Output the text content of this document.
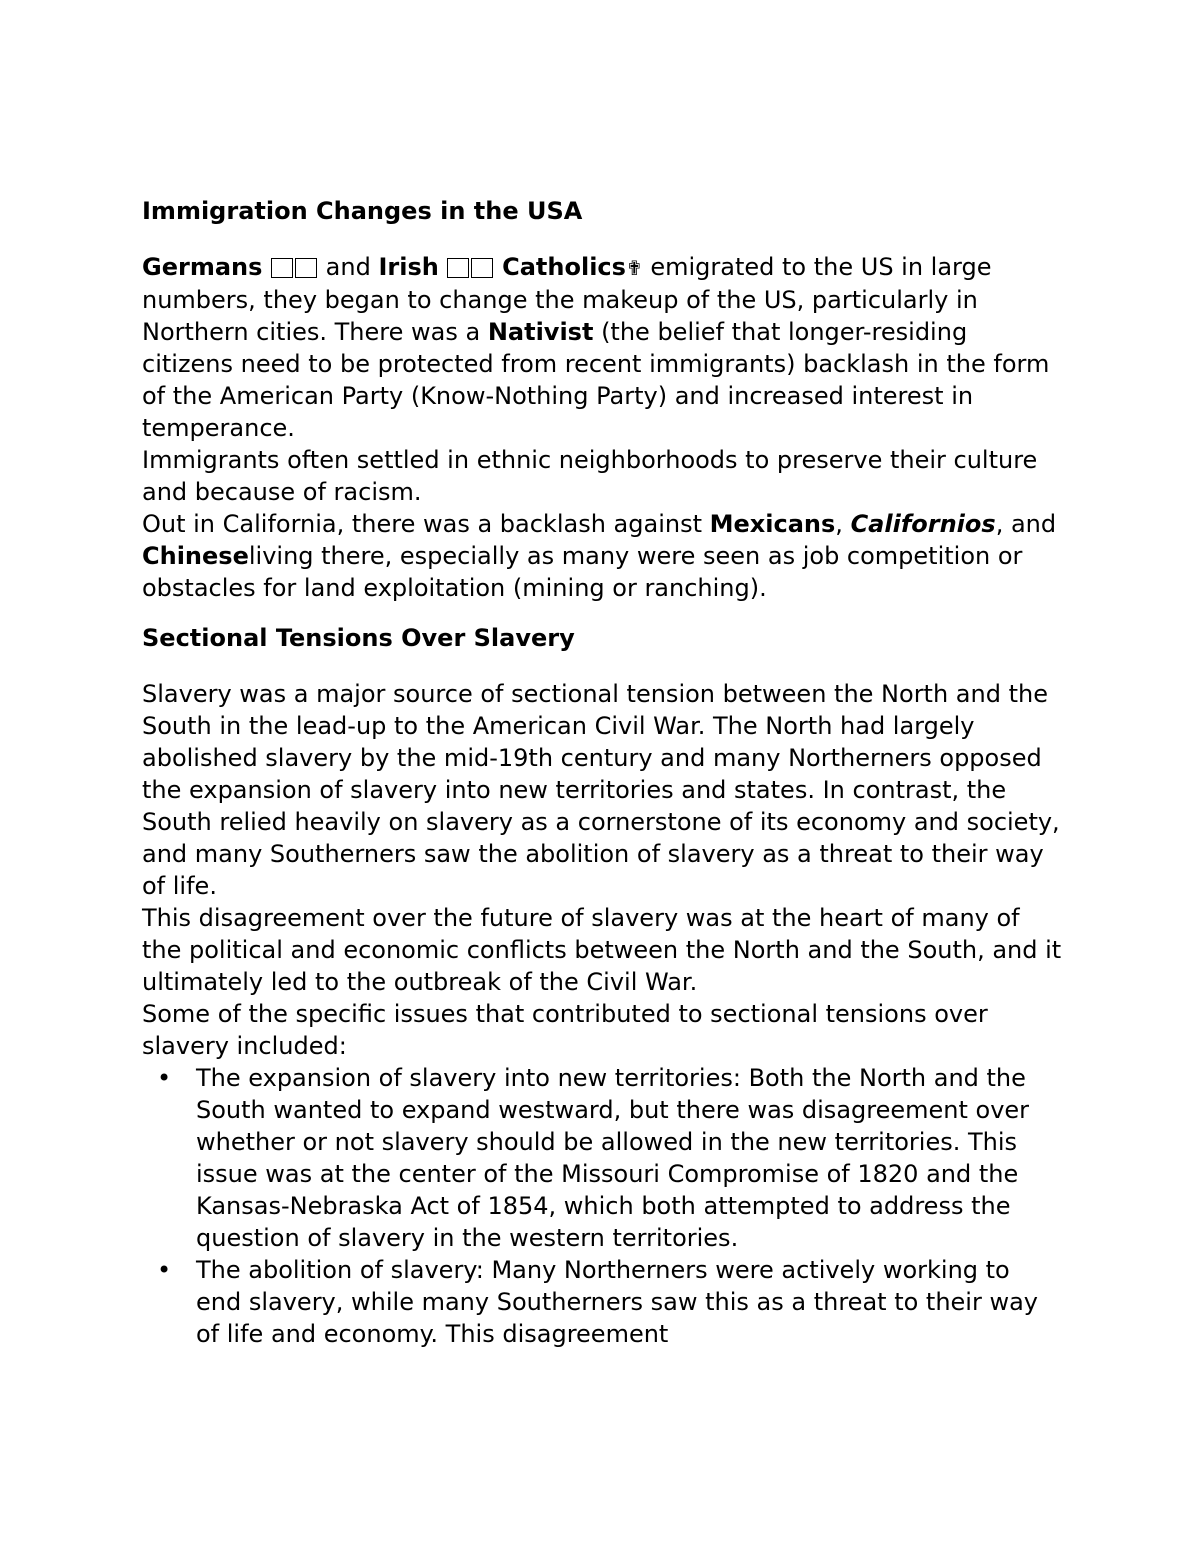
Immigration Changes in the USA

Germans	and Irish	Catholics✟ emigrated to the US in large numbers, they began to change the makeup of the US, particularly in Northern cities. There was a Nativist (the belief that longer-residing citizens need to be protected from recent immigrants) backlash in the form of the American Party (Know-Nothing Party) and increased interest in temperance.

Immigrants often settled in ethnic neighborhoods to preserve their culture and because of racism.

Out in California, there was a backlash against Mexicans, Californios, and Chineseliving there, especially as many were seen as job competition or obstacles for land exploitation (mining or ranching).

Sectional Tensions Over Slavery

Slavery was a major source of sectional tension between the North and the South in the lead-up to the American Civil War. The North had largely abolished slavery by the mid-19th century and many Northerners opposed the expansion of slavery into new territories and states. In contrast, the South relied heavily on slavery as a cornerstone of its economy and society, and many Southerners saw the abolition of slavery as a threat to their way of life.

This disagreement over the future of slavery was at the heart of many of the political and economic conflicts between the North and the South, and it ultimately led to the outbreak of the Civil War.

Some of the specific issues that contributed to sectional tensions over slavery included:

• The expansion of slavery into new territories: Both the North and the South wanted to expand westward, but there was disagreement over whether or not slavery should be allowed in the new territories. This issue was at the center of the Missouri Compromise of 1820 and the Kansas-Nebraska Act of 1854, which both attempted to address the question of slavery in the western territories.
• The abolition of slavery: Many Northerners were actively working to end slavery, while many Southerners saw this as a threat to their way of life and economy. This disagreement
